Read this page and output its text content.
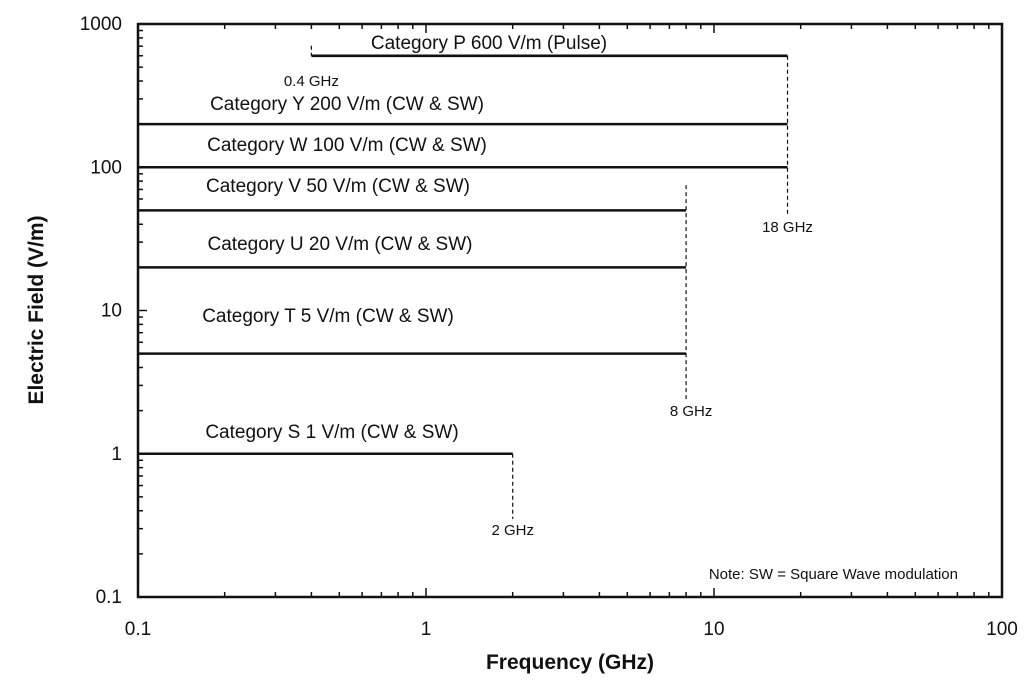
0.1	1	10	100
0.1
1
10
100
1000
0.4 GHz
18 GHz
8 GHz
2 GHz
Category P 600 V/m (Pulse)
Category Y 200 V/m (CW & SW)
Category W 100 V/m (CW & SW)
Category V 50 V/m (CW & SW)
Category U 20 V/m (CW & SW)
Category T 5 V/m (CW & SW)
Category S 1 V/m (CW & SW)
Frequency (GHz)
Electric Field (V/m)
Note: SW = Square Wave modulation
